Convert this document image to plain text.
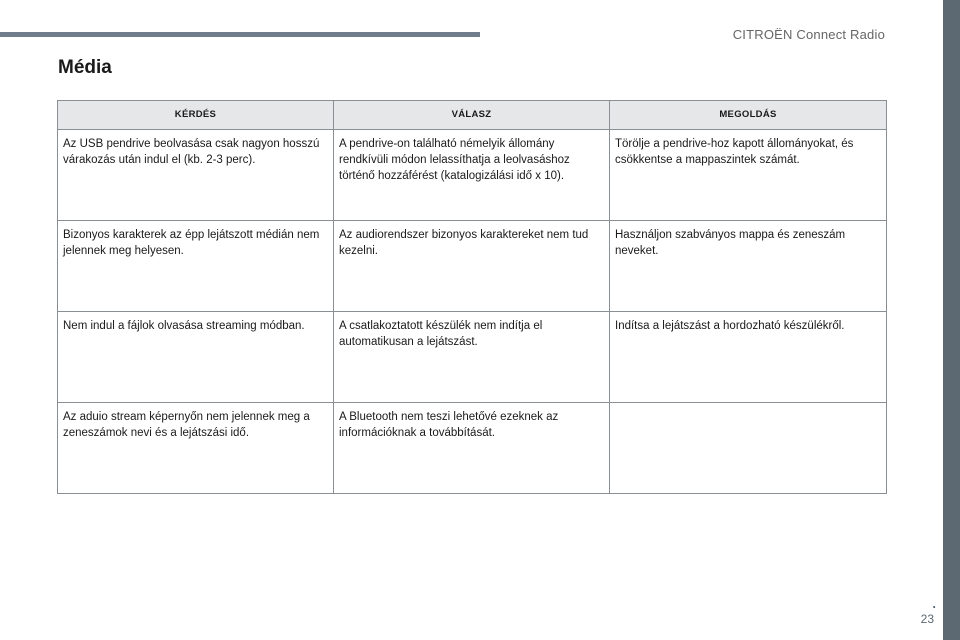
CITROËN Connect Radio
Média
KÉRDÉS	VÁLASZ	MEGOLDÁS
Az USB pendrive beolvasása csak nagyon hosszú várakozás után indul el (kb. 2-3 perc).	A pendrive-on található némelyik állomány rendkívüli módon lelassíthatja a leolvasáshoz történő hozzáférést (katalogizálási idő x 10).	Törölje a pendrive-hoz kapott állományokat, és csökkentse a mappaszintek számát.
Bizonyos karakterek az épp lejátszott médián nem jelennek meg helyesen.	Az audiorendszer bizonyos karaktereket nem tud kezelni.	Használjon szabványos mappa és zeneszám neveket.
Nem indul a fájlok olvasása streaming módban.	A csatlakoztatott készülék nem indítja el automatikusan a lejátszást.	Indítsa a lejátszást a hordozható készülékről.
Az aduio stream képernyőn nem jelennek meg a zeneszámok nevi és a lejátszási idő.	A Bluetooth nem teszi lehetővé ezeknek az információknak a továbbítását.	
.
23
